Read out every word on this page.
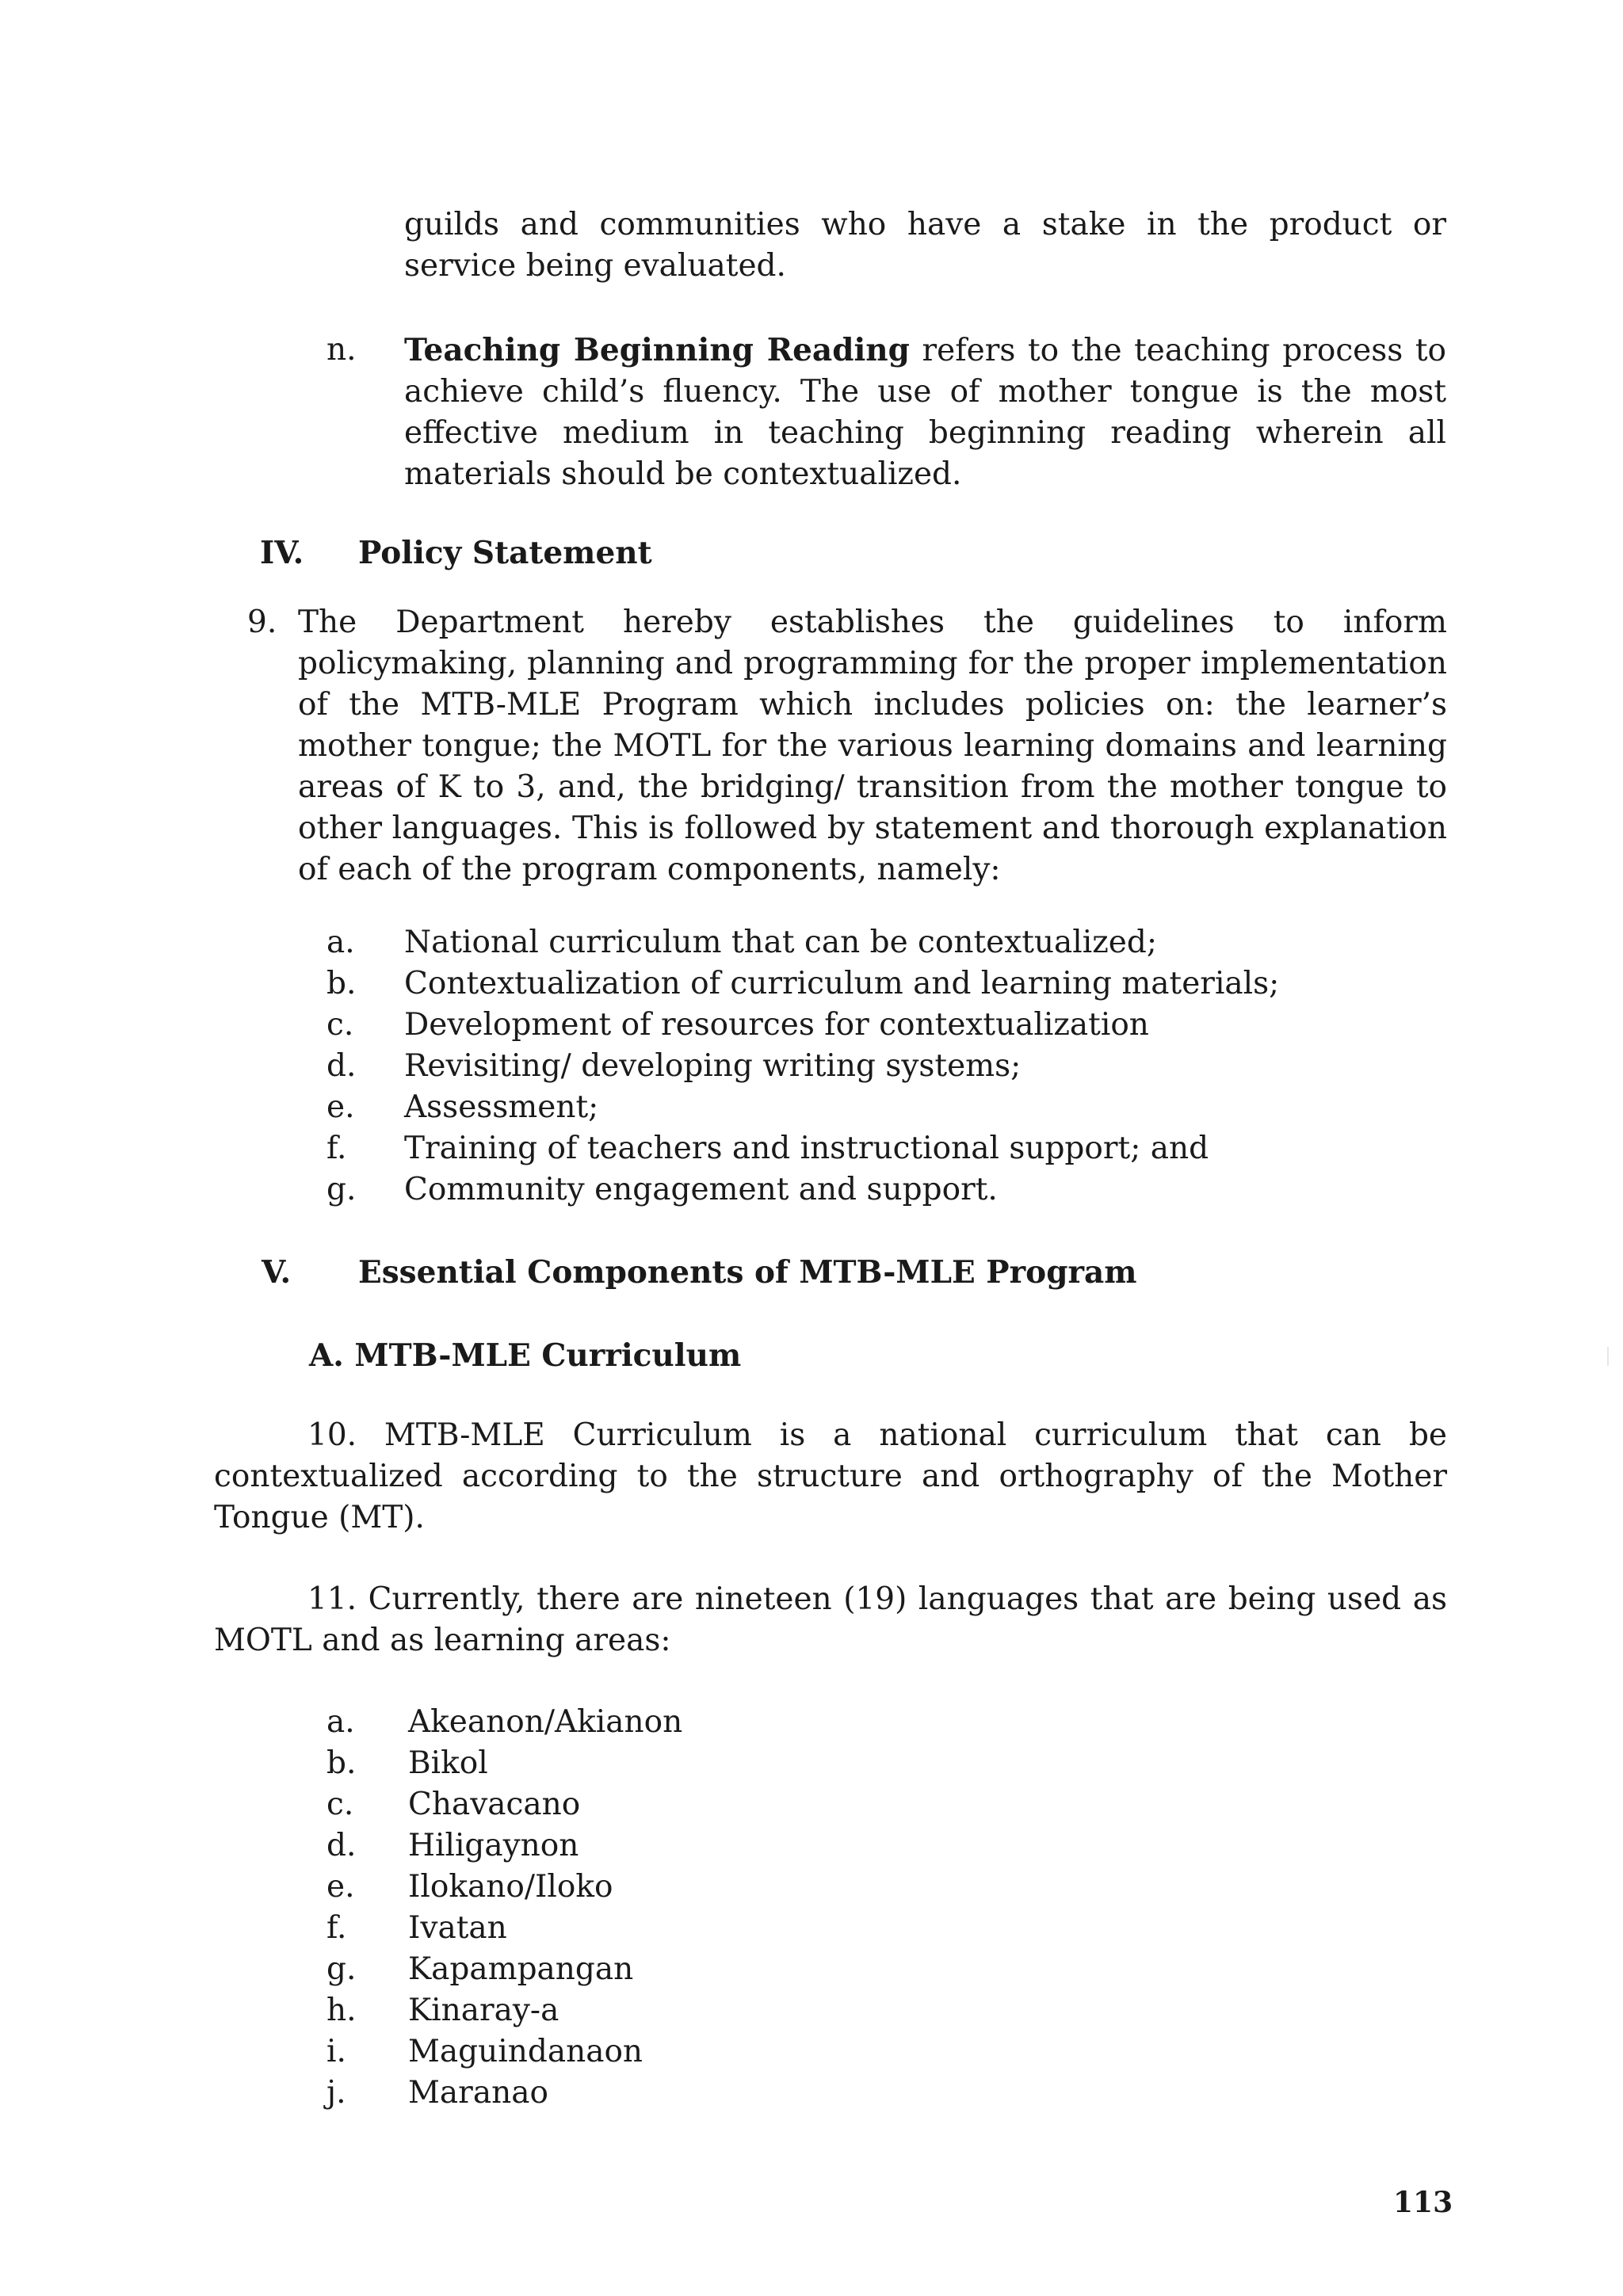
guilds and communities who have a stake in the product or service being evaluated.
n. Teaching Beginning Reading refers to the teaching process to achieve child’s fluency. The use of mother tongue is the most effective medium in teaching beginning reading wherein all materials should be contextualized.
IV. Policy Statement
9. The Department hereby establishes the guidelines to inform policymaking, planning and programming for the proper implementation of the MTB-MLE Program which includes policies on: the learner’s mother tongue; the MOTL for the various learning domains and learning areas of K to 3, and, the bridging/ transition from the mother tongue to other languages. This is followed by statement and thorough explanation of each of the program components, namely:
a. National curriculum that can be contextualized;
b. Contextualization of curriculum and learning materials;
c. Development of resources for contextualization
d. Revisiting/ developing writing systems;
e. Assessment;
f. Training of teachers and instructional support; and
g. Community engagement and support.
V. Essential Components of MTB-MLE Program
A. MTB-MLE Curriculum
10. MTB-MLE Curriculum is a national curriculum that can be contextualized according to the structure and orthography of the Mother Tongue (MT).
11. Currently, there are nineteen (19) languages that are being used as MOTL and as learning areas:
a. Akeanon/Akianon
b. Bikol
c. Chavacano
d. Hiligaynon
e. Ilokano/Iloko
f. Ivatan
g. Kapampangan
h. Kinaray-a
i. Maguindanaon
j. Maranao
113
